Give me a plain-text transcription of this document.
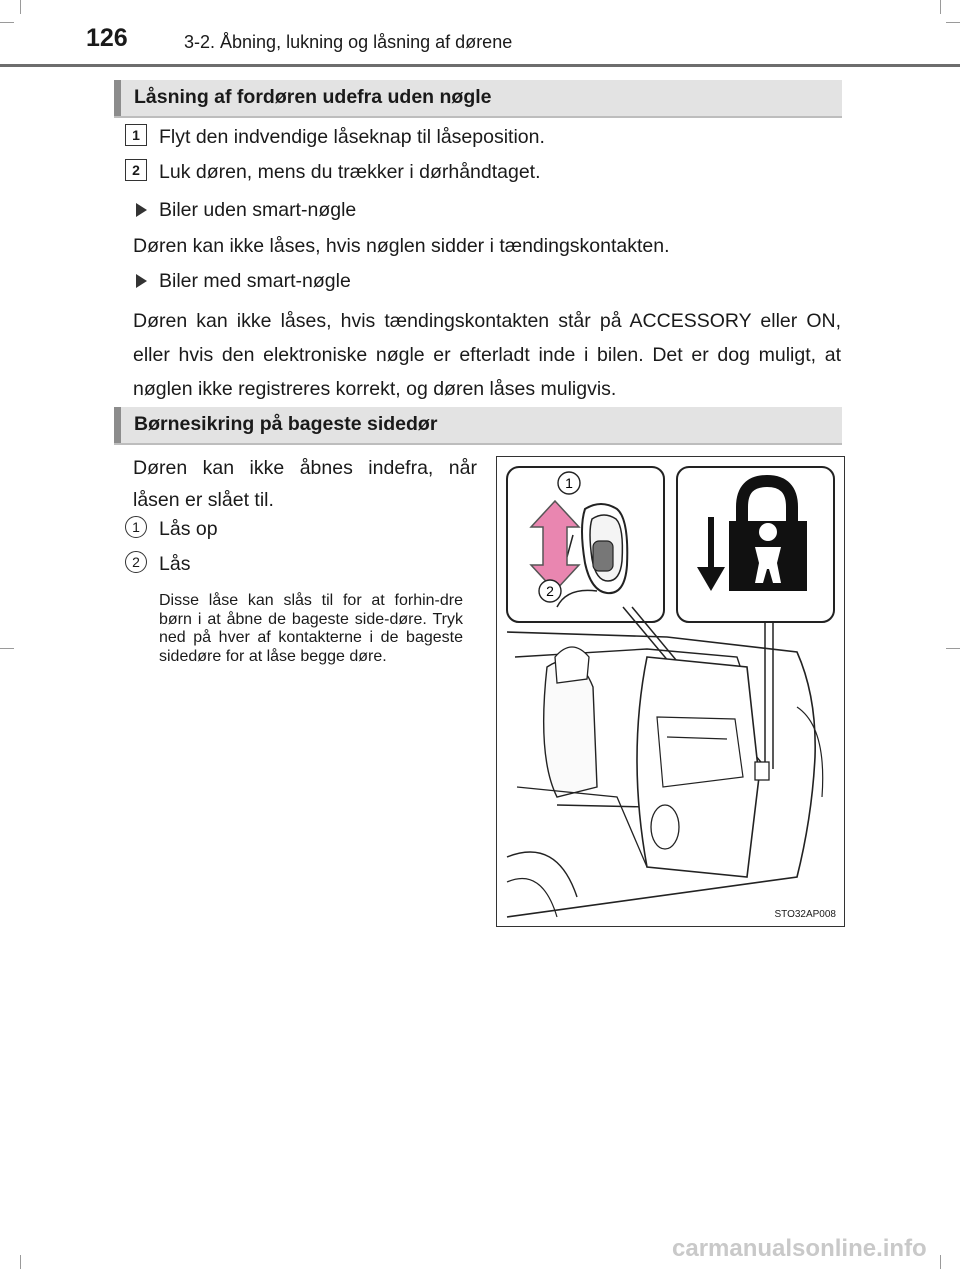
126	3-2. Åbning, lukning og låsning af dørene
Låsning af fordøren udefra uden nøgle
1 Flyt den indvendige låseknap til låseposition.
2 Luk døren, mens du trækker i dørhåndtaget.
Biler uden smart-nøgle
Døren kan ikke låses, hvis nøglen sidder i tændingskontakten.
Biler med smart-nøgle
Døren kan ikke låses, hvis tændingskontakten står på ACCESSORY eller ON, eller hvis den elektroniske nøgle er efterladt inde i bilen. Det er dog muligt, at nøglen ikke registreres korrekt, og døren låses muligvis.
Børnesikring på bageste sidedør
Døren kan ikke åbnes indefra, når låsen er slået til.
1 Lås op
2 Lås
Disse låse kan slås til for at forhin-dre børn i at åbne de bageste side-døre. Tryk ned på hver af kontakterne i de bageste sidedøre for at låse begge døre.
1
2
STO32AP008
carmanualsonline.info
